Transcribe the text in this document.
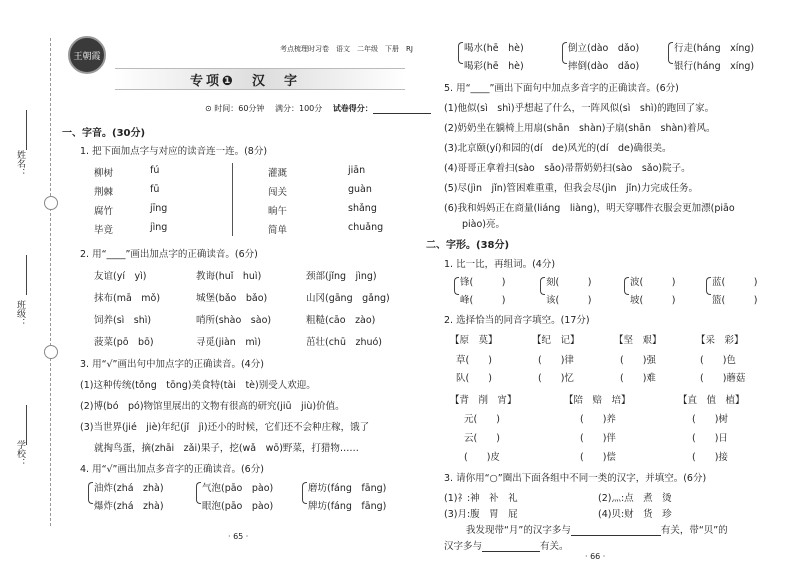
姓名：
班级：
学校：
王朝霞
考点梳理时习卷　语文　二年级　下册　RJ
专项❶　汉　字
⊙ 时间：60分钟　 满分：100分　 试卷得分：
一、字音。(30分)
1. 把下面加点字与对应的读音连一连。(8分)
柳树	fú
荆棘	fū
腐竹	jīng
毕竟	jìng
灌溉	jiān
闯关	guàn
晌午	shǎng
简单	chuǎng
2. 用“____”画出加点字的正确读音。(6分)
友谊(yí　yì)	教诲(huǐ　huì)	颈部(jǐng　jìng)
抹布(mā　mǒ)	城堡(bǎo　bǎo)	山冈(gāng　gǎng)
饲养(sì　shì)	哨所(shào　sào)	粗糙(cāo　zào)
菠菜(pō　bō)	寻觅(jiàn　mì)	茁壮(chū　zhuó)
3. 用“√”画出句中加点字的正确读音。(4分)
(1)这种传统(tǒng　tōng)美食特(tài　tè)别受人欢迎。
(2)博(bó　pó)物馆里展出的文物有很高的研究(jiū　jiù)价值。
(3)当世界(jié　jiè)年纪(jǐ　jì)还小的时候，它们还不会种庄稼，饿了
就掏鸟蛋，摘(zhāi　zǎi)果子，挖(wǎ　wō)野菜，打猎物……
4. 用“√”画出加点多音字的正确读音。(6分)
油炸(zhá　zhà)
爆炸(zhá　zhà)
气泡(pāo　pào)
眼泡(pāo　pào)
磨坊(fáng　fāng)
牌坊(fáng　fāng)
· 65 ·
喝水(hē　hè)
喝彩(hē　hè)
倒立(dào　dǎo)
摔倒(dào　dǎo)
行走(háng　xíng)
银行(háng　xíng)
5. 用“____”画出下面句中加点多音字的正确读音。(6分)
(1)他似(sì　shì)乎想起了什么，一阵风似(sì　shì)的跑回了家。
(2)奶奶坐在躺椅上用扇(shān　shàn)子扇(shān　shàn)着风。
(3)北京颐(yí)和园的(dí　de)风光的(dí　de)确很美。
(4)哥哥正拿着扫(sào　sǎo)帚帮奶奶扫(sào　sǎo)院子。
(5)尽(jìn　jǐn)管困难重重，但我会尽(jìn　jǐn)力完成任务。
(6)我和妈妈正在商量(liáng　liàng)，明天穿哪件衣服会更加漂(piāo
piào)亮。
二、字形。(38分)
1. 比一比，再组词。(4分)
锋(　　　)
峰(　　　)
刻(　　　)
该(　　　)
波(　　　)
坡(　　　)
蓝(　　　)
篮(　　　)
2. 选择恰当的同音字填空。(17分)
【原　莫】	【纪　记】	【坚　艰】	【采　彩】
草(　　)	(　　)律	(　　)强	(　　)色
队(　　)	(　　)忆	(　　)难	(　　)蘑菇
【背　削　宵】	【陪　赔　培】	【直　值　植】
元(　　)	(　　)养	(　　)树
云(　　)	(　　)伴	(　　)日
(　　)皮	(　　)偿	(　　)接
3. 请你用“○”圈出下面各组中不同一类的汉字，并填空。(6分)
(1)礻:神　补　礼	(2)灬:点　煮　烫
(3)月:腹　胃　屁	(4)贝:财　货　珍
我发现带“月”的汉字多与	有关，带“贝”的
汉字多与	有关。
· 66 ·
